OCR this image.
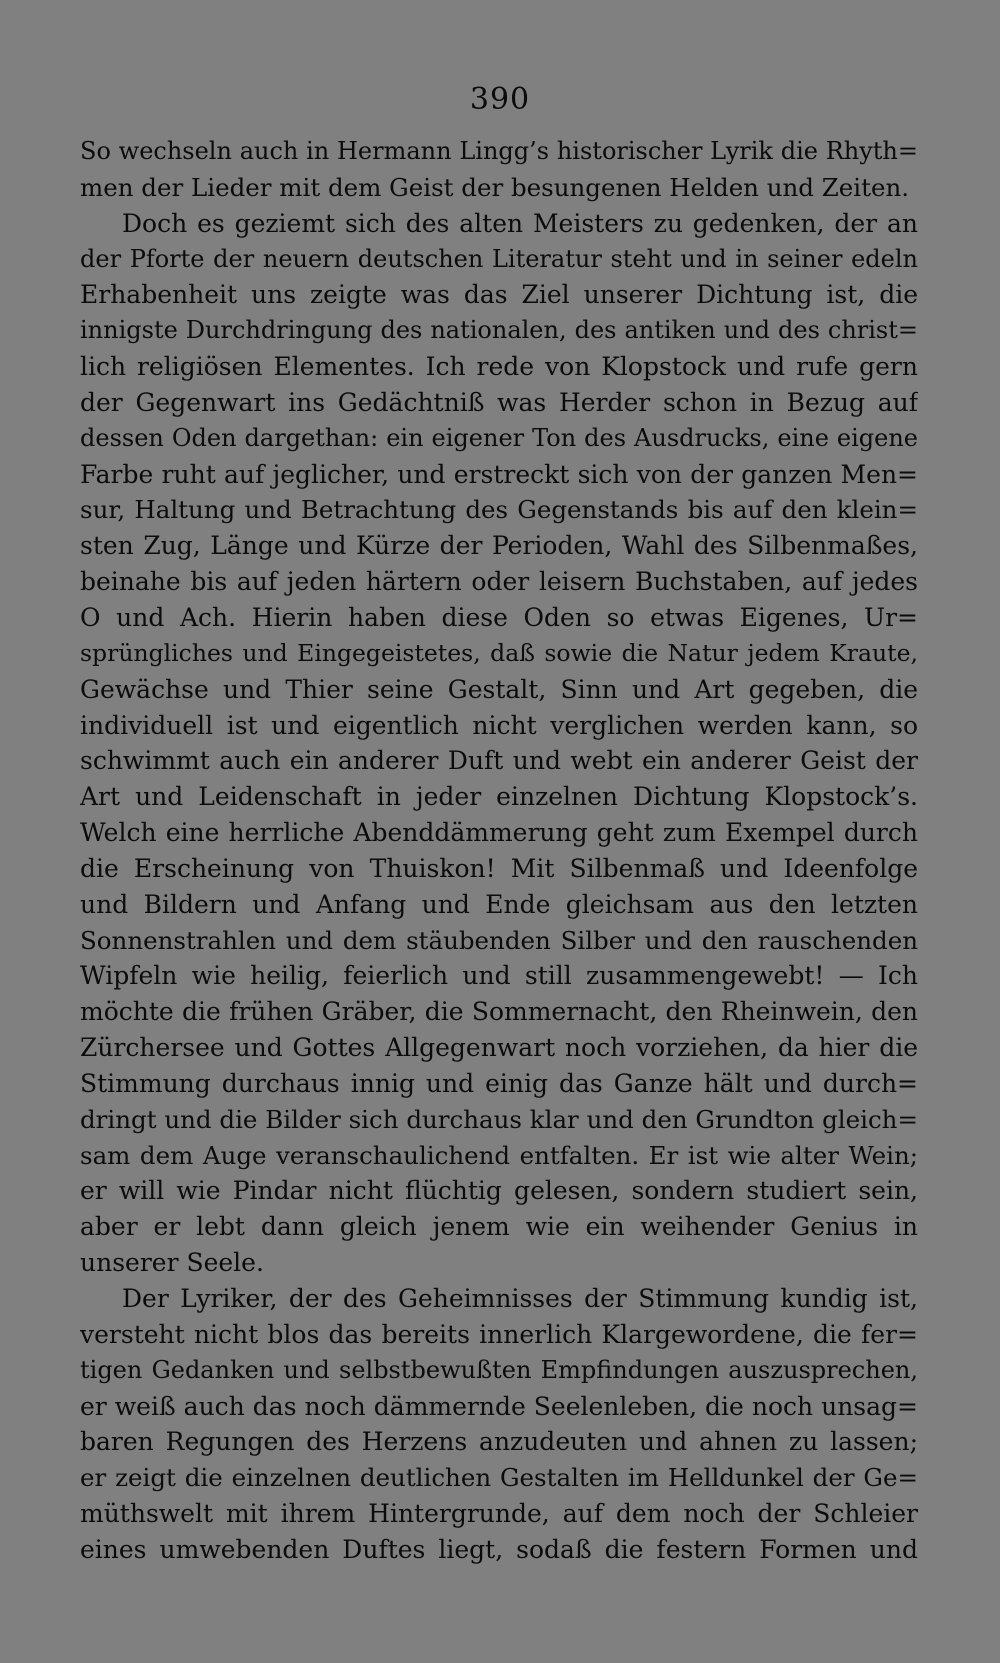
390
So wechseln auch in Hermann Lingg’s historischer Lyrik die Rhyth=
men der Lieder mit dem Geist der besungenen Helden und Zeiten.
Doch es geziemt sich des alten Meisters zu gedenken, der an
der Pforte der neuern deutschen Literatur steht und in seiner edeln
Erhabenheit uns zeigte was das Ziel unserer Dichtung ist, die
innigste Durchdringung des nationalen, des antiken und des christ=
lich religiösen Elementes. Ich rede von Klopstock und rufe gern
der Gegenwart ins Gedächtniß was Herder schon in Bezug auf
dessen Oden dargethan: ein eigener Ton des Ausdrucks, eine eigene
Farbe ruht auf jeglicher, und erstreckt sich von der ganzen Men=
sur, Haltung und Betrachtung des Gegenstands bis auf den klein=
sten Zug, Länge und Kürze der Perioden, Wahl des Silbenmaßes,
beinahe bis auf jeden härtern oder leisern Buchstaben, auf jedes
O und Ach. Hierin haben diese Oden so etwas Eigenes, Ur=
sprüngliches und Eingegeistetes, daß sowie die Natur jedem Kraute,
Gewächse und Thier seine Gestalt, Sinn und Art gegeben, die
individuell ist und eigentlich nicht verglichen werden kann, so
schwimmt auch ein anderer Duft und webt ein anderer Geist der
Art und Leidenschaft in jeder einzelnen Dichtung Klopstock’s.
Welch eine herrliche Abenddämmerung geht zum Exempel durch
die Erscheinung von Thuiskon! Mit Silbenmaß und Ideenfolge
und Bildern und Anfang und Ende gleichsam aus den letzten
Sonnenstrahlen und dem stäubenden Silber und den rauschenden
Wipfeln wie heilig, feierlich und still zusammengewebt! — Ich
möchte die frühen Gräber, die Sommernacht, den Rheinwein, den
Zürchersee und Gottes Allgegenwart noch vorziehen, da hier die
Stimmung durchaus innig und einig das Ganze hält und durch=
dringt und die Bilder sich durchaus klar und den Grundton gleich=
sam dem Auge veranschaulichend entfalten. Er ist wie alter Wein;
er will wie Pindar nicht flüchtig gelesen, sondern studiert sein,
aber er lebt dann gleich jenem wie ein weihender Genius in
unserer Seele.
Der Lyriker, der des Geheimnisses der Stimmung kundig ist,
versteht nicht blos das bereits innerlich Klargewordene, die fer=
tigen Gedanken und selbstbewußten Empfindungen auszusprechen,
er weiß auch das noch dämmernde Seelenleben, die noch unsag=
baren Regungen des Herzens anzudeuten und ahnen zu lassen;
er zeigt die einzelnen deutlichen Gestalten im Helldunkel der Ge=
müthswelt mit ihrem Hintergrunde, auf dem noch der Schleier
eines umwebenden Duftes liegt, sodaß die festern Formen und
